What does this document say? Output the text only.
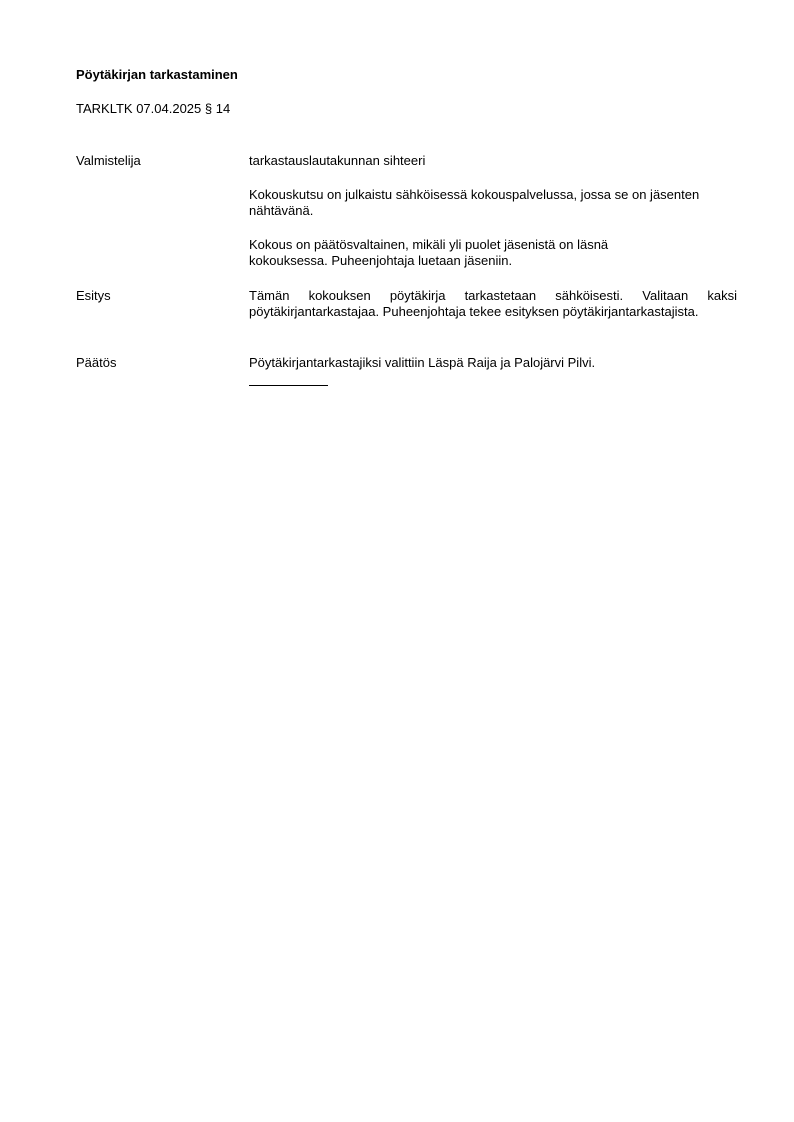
Pöytäkirjan tarkastaminen
TARKLTK 07.04.2025 § 14
Valmistelija	tarkastauslautakunnan sihteeri
Kokouskutsu on julkaistu sähköisessä kokouspalvelussa, jossa se on jäsenten nähtävänä.
Kokous on päätösvaltainen, mikäli yli puolet jäsenistä on läsnä kokouksessa. Puheenjohtaja luetaan jäseniin.
Esitys	Tämän kokouksen pöytäkirja tarkastetaan sähköisesti. Valitaan kaksi pöytäkirjantarkastajaa. Puheenjohtaja tekee esityksen pöytäkirjantarkastajista.
Päätös	Pöytäkirjantarkastajiksi valittiin Läspä Raija ja Palojärvi Pilvi.
